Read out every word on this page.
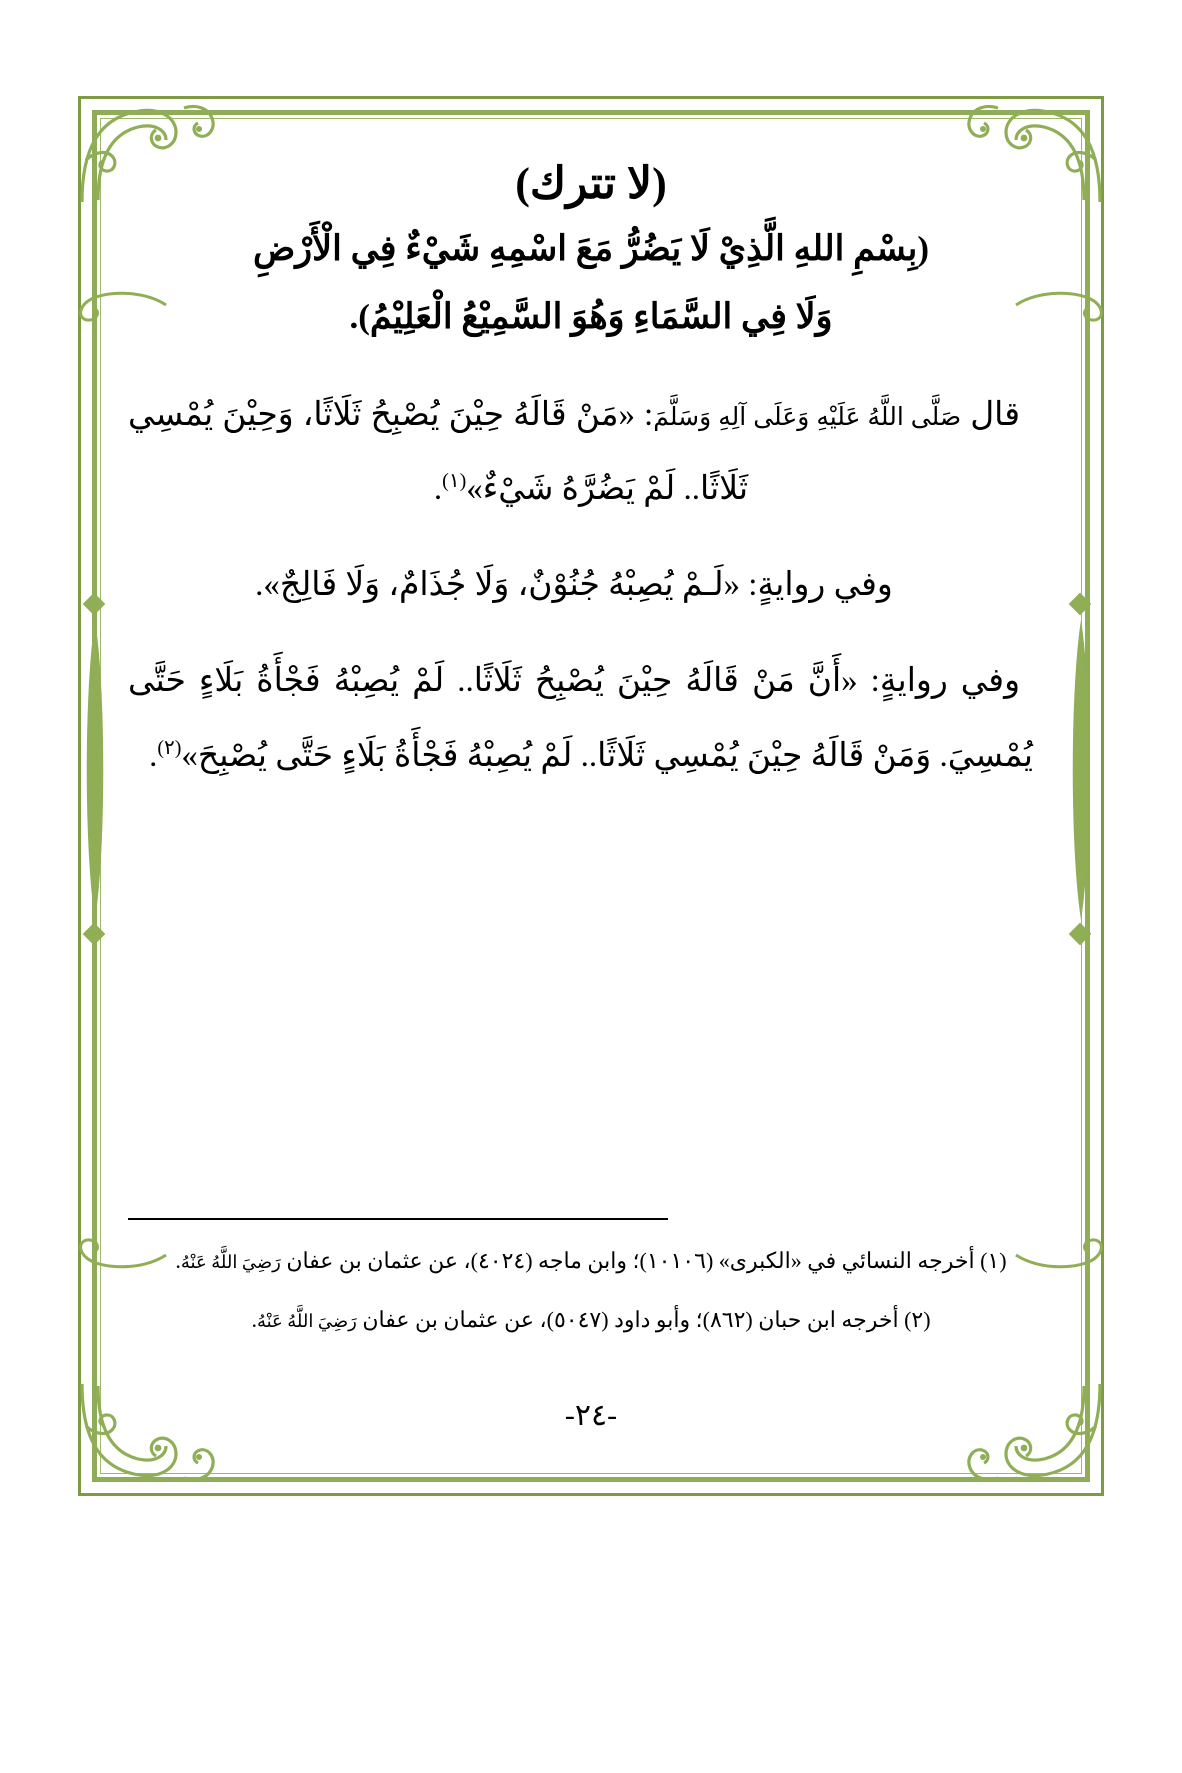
(لا تترك)
(بِسْمِ اللهِ الَّذِيْ لَا يَضُرُّ مَعَ اسْمِهِ شَيْءٌ فِي الْأَرْضِ
وَلَا فِي السَّمَاءِ وَهُوَ السَّمِيْعُ الْعَلِيْمُ).

قال صَلَّى اللَّهُ عَلَيْهِ وَعَلَى آلِهِ وَسَلَّمَ: «مَنْ قَالَهُ حِيْنَ يُصْبِحُ ثَلَاثًا، وَحِيْنَ يُمْسِي ثَلَاثًا.. لَمْ يَضُرَّهُ شَيْءٌ»$^{(١)}$.

وفي روايةٍ: «لَـمْ يُصِبْهُ جُنُوْنٌ، وَلَا جُذَامٌ، وَلَا فَالِجٌ».

وفي روايةٍ: «أَنَّ مَنْ قَالَهُ حِيْنَ يُصْبِحُ ثَلَاثًا.. لَمْ يُصِبْهُ فَجْأَةُ بَلَاءٍ حَتَّى يُمْسِيَ. وَمَنْ قَالَهُ حِيْنَ يُمْسِي ثَلَاثًا.. لَمْ يُصِبْهُ فَجْأَةُ بَلَاءٍ حَتَّى يُصْبِحَ»$^{(٢)}$.

(١) أخرجه النسائي في «الكبرى» (١٠١٠٦)؛ وابن ماجه (٤٠٢٤)، عن عثمان بن عفان رَضِيَ اللَّهُ عَنْهُ.

(٢) أخرجه ابن حبان (٨٦٢)؛ وأبو داود (٥٠٤٧)، عن عثمان بن عفان رَضِيَ اللَّهُ عَنْهُ.

-٢٤-
